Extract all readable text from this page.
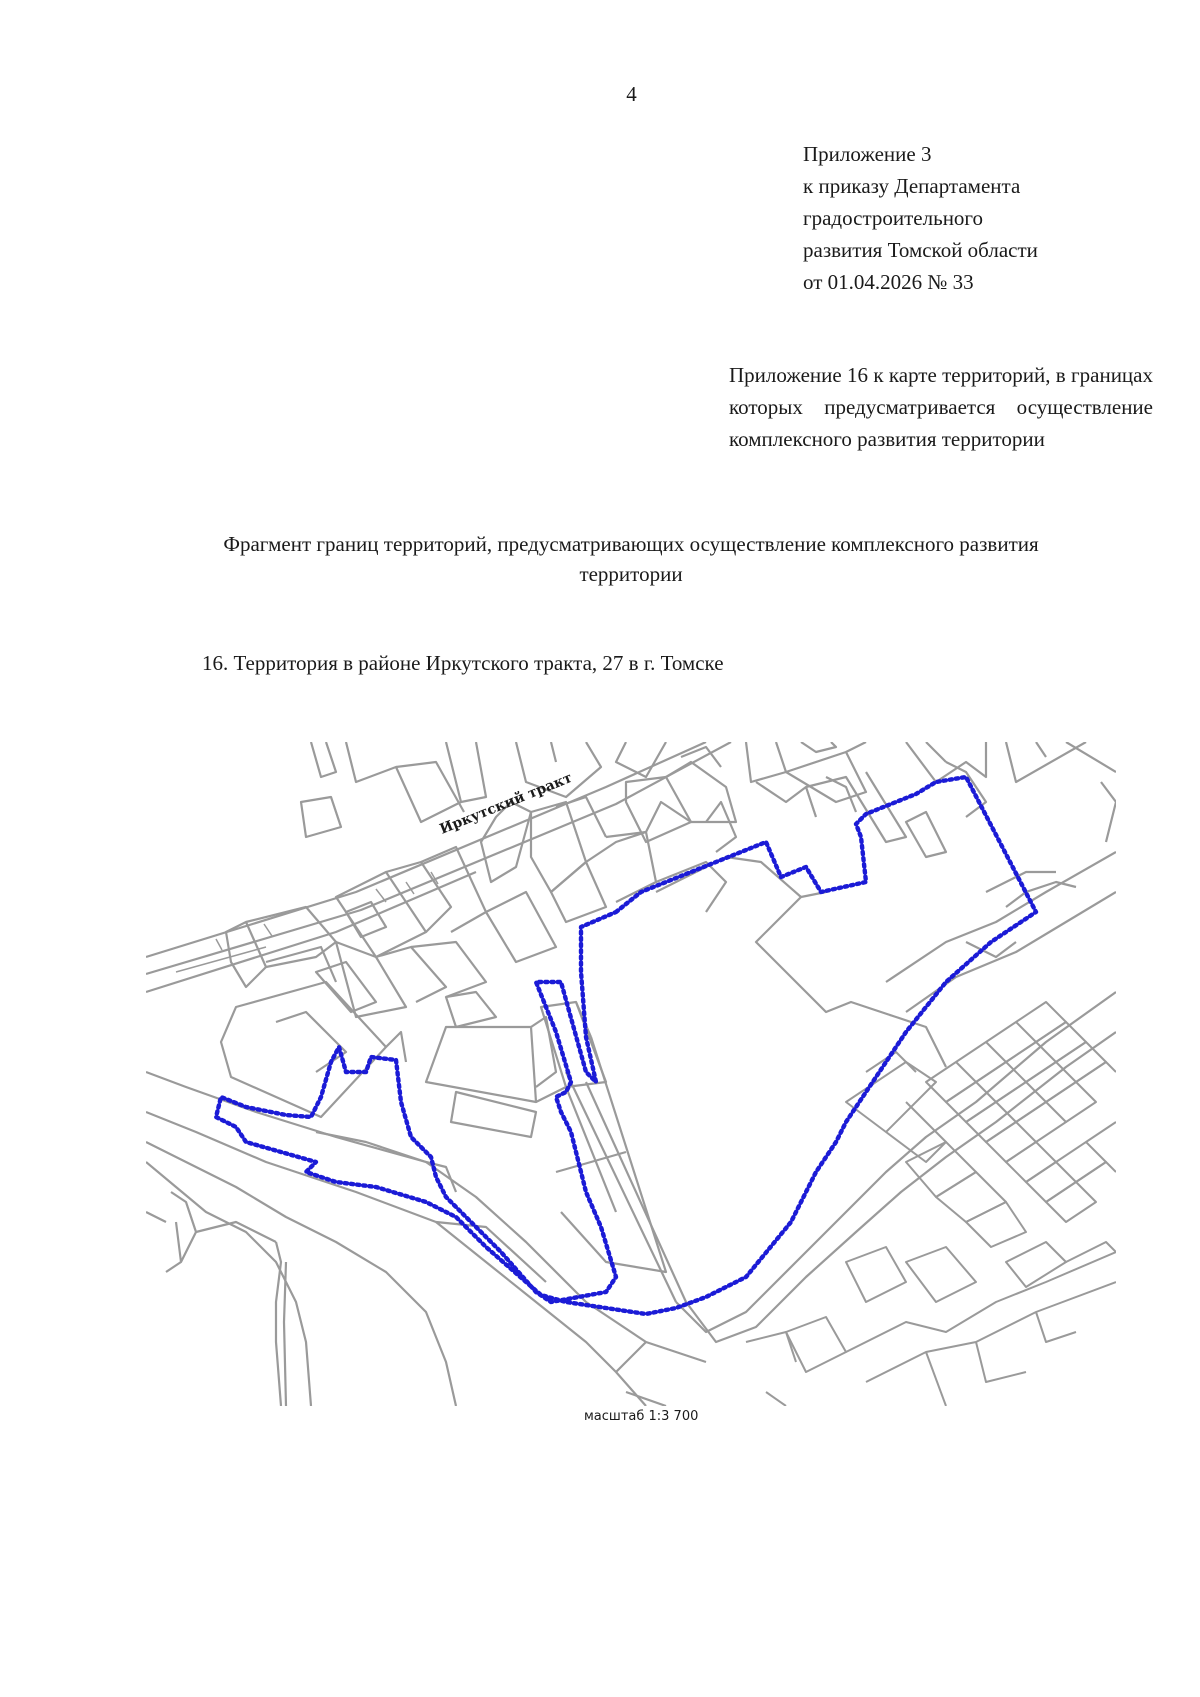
4
Приложение 3
к приказу Департамента
градостроительного
развития Томской области
от 01.04.2026 № 33
Приложение 16 к карте территорий, в границах которых предусматривается осуществление комплексного развития территории
Фрагмент границ территорий, предусматривающих осуществление комплексного развития
территории
16. Территория в районе Иркутского тракта, 27 в г. Томске
Иркутский тракт
масштаб 1:3 700
